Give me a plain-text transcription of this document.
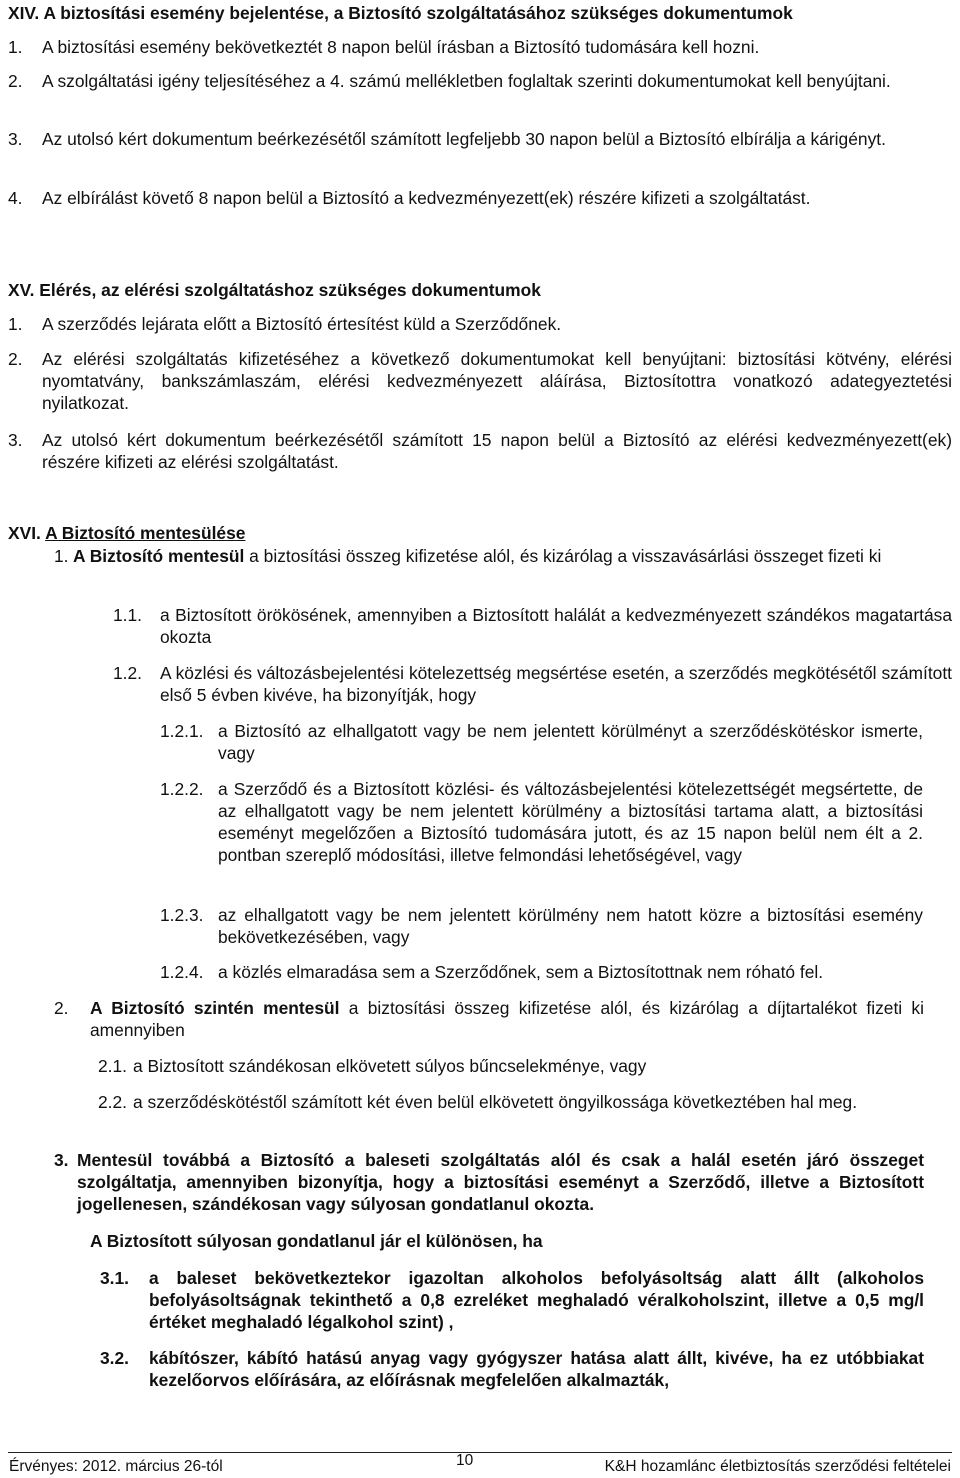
XIV. A biztosítási esemény bejelentése, a Biztosító szolgáltatásához szükséges dokumentumok
1.	A biztosítási esemény bekövetkeztét 8 napon belül írásban a Biztosító tudomására kell hozni.
2.	A szolgáltatási igény teljesítéséhez a 4. számú mellékletben foglaltak szerinti dokumentumokat kell benyújtani.
3.	Az utolsó kért dokumentum beérkezésétől számított legfeljebb 30 napon belül a Biztosító elbírálja a kárigényt.
4.	Az elbírálást követő 8 napon belül a Biztosító a kedvezményezett(ek) részére kifizeti a szolgáltatást.
XV. Elérés, az elérési szolgáltatáshoz szükséges dokumentumok
1.	A szerződés lejárata előtt a Biztosító értesítést küld a Szerződőnek.
2.	Az elérési szolgáltatás kifizetéséhez a következő dokumentumokat kell benyújtani: biztosítási kötvény, elérési nyomtatvány, bankszámlaszám, elérési kedvezményezett aláírása, Biztosítottra vonatkozó adategyeztetési nyilatkozat.
3.	Az utolsó kért dokumentum beérkezésétől számított 15 napon belül a Biztosító az elérési kedvezményezett(ek) részére kifizeti az elérési szolgáltatást.
XVI. A Biztosító mentesülése
1. A Biztosító mentesül a biztosítási összeg kifizetése alól, és kizárólag a visszavásárlási összeget fizeti ki
1.1.	a Biztosított örökösének, amennyiben a Biztosított halálát a kedvezményezett szándékos magatartása okozta
1.2.	A közlési és változásbejelentési kötelezettség megsértése esetén, a szerződés megkötésétől számított első 5 évben kivéve, ha bizonyítják, hogy
1.2.1. a Biztosító az elhallgatott vagy be nem jelentett körülményt a szerződéskötéskor ismerte, vagy
1.2.2. a Szerződő és a Biztosított közlési- és változásbejelentési kötelezettségét megsértette, de az elhallgatott vagy be nem jelentett körülmény a biztosítási tartama alatt, a biztosítási eseményt megelőzően a Biztosító tudomására jutott, és az 15 napon belül nem élt a 2. pontban szereplő módosítási, illetve felmondási lehetőségével, vagy
1.2.3. az elhallgatott vagy be nem jelentett körülmény nem hatott közre a biztosítási esemény bekövetkezésében, vagy
1.2.4. a közlés elmaradása sem a Szerződőnek, sem a Biztosítottnak nem róható fel.
2.	A Biztosító szintén mentesül a biztosítási összeg kifizetése alól, és kizárólag a díjtartalékot fizeti ki amennyiben
2.1. a Biztosított szándékosan elkövetett súlyos bűncselekménye, vagy
2.2. a szerződéskötéstől számított két éven belül elkövetett öngyilkossága következtében hal meg.
3. Mentesül továbbá a Biztosító a baleseti szolgáltatás alól és csak a halál esetén járó összeget szolgáltatja, amennyiben bizonyítja, hogy a biztosítási eseményt a Szerződő, illetve a Biztosított jogellenesen, szándékosan vagy súlyosan gondatlanul okozta.
A Biztosított súlyosan gondatlanul jár el különösen, ha
3.1.	a baleset bekövetkeztekor igazoltan alkoholos befolyásoltság alatt állt (alkoholos befolyásoltságnak tekinthető a 0,8 ezreléket meghaladó véralkoholszint, illetve a 0,5 mg/l értéket meghaladó légalkohol szint) ,
3.2.	kábítószer, kábító hatású anyag vagy gyógyszer hatása alatt állt, kivéve, ha ez utóbbiakat kezelőorvos előírására, az előírásnak megfelelően alkalmazták,
Érvényes: 2012. március 26-tól	10	K&H hozamlánc életbiztosítás szerződési feltételei
